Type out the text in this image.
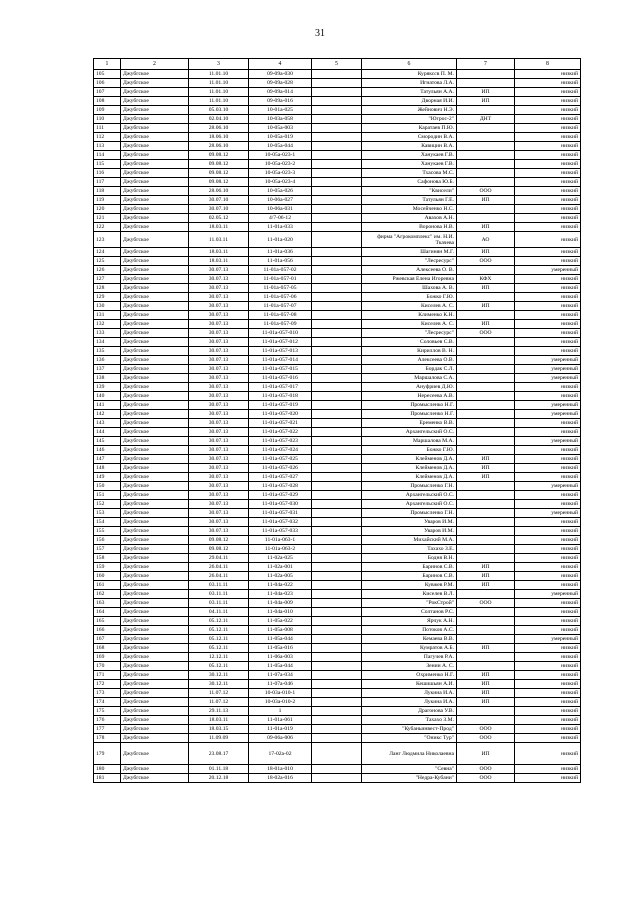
31
1	2	3	4	5	6	7	8
105	Джубгское	11.01.10	09-09а-030		Курякссв П. М.		низкий
106	Джубгское	11.01.10	09-09а-028		Игнатова Л.А.		низкий
107	Джубгское	11.01.10	09-09а-014		Татульян А.А.	ИП	низкий
108	Джубгское	11.01.10	09-09а-016		Дворная И.И.	ИП	низкий
109	Джубгское	05.03.10	10-01а-025		Жейнович Н.Э.		низкий
110	Джубгское	02.04.10	10-03а-058		"Югрос-2"	ДНТ	низкий
111	Джубгское	28.06.10	10-05а-003		Каратаев П.Ю.		низкий
112	Джубгское	18.06.10	10-05а-019		Смородин В.А.		низкий
113	Джубгское	28.06.10	10-05а-044		Кавицин В.А.		низкий
114	Джубгское	09.08.12	10-05а-023-1		Ханукаев Г.В.		низкий
115	Джубгское	09.08.12	10-05а-023-2		Ханукаев Г.В.		низкий
116	Джубгское	09.08.12	10-05а-023-3		Тхасова М.С.		низкий
117	Джубгское	09.08.12	10-05а-023-4		Сафонова Ю.Б.		низкий
118	Джубгское	28.06.10	10-05а-026		"Квисели"	ООО	низкий
119	Джубгское	30.07.10	10-06а-027		Татульян Г.Е.	ИП	низкий
120	Джубгское	30.07.10	10-06а-031		Мосейченко Н.С.		низкий
121	Джубгское	02.05.12	4/7-06-12		Авахов А.Н.		низкий
122	Джубгское	18.03.11	11-01а-033		Воронова Н.В.	ИП	низкий
123	Джубгское	11.03.11	11-01а-020		фирма "Агрокомплекс" им. Н.И. Ткачева	АО	низкий
124	Джубгское	18.03.11	11-01а-036		Шагинян М.Г.	ИП	низкий
125	Джубгское	18.03.11	11-01а-056		"Лесресурс"	ООО	низкий
126	Джубгское	30.07.13	11-01а-057-02		Алексеева О. В.		умеренный
127	Джубгское	30.07.13	11-01а-057-01		Ржевская Елена Игоревна	КФХ	низкий
128	Джубгское	30.07.13	11-01а-057-05		Шахова А. В.	ИП	низкий
129	Джубгское	30.07.13	11-01а-057-06		Божко Г.Ю.		низкий
130	Джубгское	30.07.13	11-01а-057-07		Киселев А. С.	ИП	низкий
131	Джубгское	30.07.13	11-01а-057-08		Клименко К.Н.		низкий
132	Джубгское	30.07.13	11-01а-057-09		Киселев А. С.	ИП	низкий
133	Джубгское	30.07.13	11-01а-057-010		"Лесресурс"	ООО	низкий
134	Джубгское	30.07.13	11-01а-057-012		Соловьев С.В.		низкий
135	Джубгское	30.07.13	11-01а-057-013		Кириллов В. Н.		низкий
136	Джубгское	30.07.13	11-01а-057-014		Алексеева О.В.		умеренный
137	Джубгское	30.07.13	11-01а-057-015		Бордак С.Л.		умеренный
138	Джубгское	30.07.13	11-01а-057-016		Маршалова С.А.		умеренный
139	Джубгское	30.07.13	11-01а-057-017		Ануфриев Д.Ю.		низкий
140	Джубгское	30.07.13	11-01а-057-018		Нересеева А.В.		низкий
141	Джубгское	30.07.13	11-01а-057-019		Промысленко Н.Г.		умеренный
142	Джубгское	30.07.13	11-01а-057-020		Промысленко Н.Г.		умеренный
143	Джубгское	30.07.13	11-01а-057-021		Еременко В.В.		низкий
144	Джубгское	30.07.13	11-01а-057-022		Архангельский О.С.		низкий
145	Джубгское	30.07.13	11-01а-057-023		Маршалова М.А.		умеренный
146	Джубгское	30.07.13	11-01а-057-024		Божко Г.Ю.		низкий
147	Джубгское	30.07.13	11-01а-057-025		Клейменов Д.А.	ИП	низкий
148	Джубгское	30.07.13	11-01а-057-026		Клейменов Д.А.	ИП	низкий
149	Джубгское	30.07.13	11-01а-057-027		Клейменов Д.А.	ИП	низкий
150	Джубгское	30.07.13	11-01а-057-028		Промысленко Г.Н.		умеренный
151	Джубгское	30.07.13	11-01а-057-029		Архангельский О.С.		низкий
152	Джубгское	30.07.13	11-01а-057-030		Архангельский О.С.		низкий
153	Джубгское	30.07.13	11-01а-057-031		Промысленко Г.Н.		умеренный
154	Джубгское	30.07.13	11-01а-057-032		Уваров И.М.		низкий
155	Джубгское	30.07.13	11-01а-057-033		Уваров И.М.		низкий
156	Джубгское	09.08.12	11-01а-063-1		Михайский М.А.		низкий
157	Джубгское	09.08.12	11-01а-063-2		Тахахо З.Е.		низкий
158	Джубгское	29.04.11	11-02а-025		Бодня В.Н.		низкий
159	Джубгское	26.04.11	11-02а-001		Баринов С.В.	ИП	низкий
160	Джубгское	26.04.11	11-02а-005		Баринов С.В.	ИП	низкий
161	Джубгское	03.11.11	11-04а-022		Кувжев Р.М.	ИП	низкий
162	Джубгское	03.11.11	11-04а-023		Киселев В.Л.		умеренный
163	Джубгское	03.11.11	11-04а-009		"РокСтрой"	ООО	низкий
164	Джубгское	04.11.11	11-04а-010		Солтанов Р.С.		низкий
165	Джубгское	05.12.11	11-05а-022		Ярчук А.Н.		низкий
166	Джубгское	05.12.11	11-05а-008		Потоков А.С.		низкий
167	Джубгское	05.12.11	11-05а-044		Кемаева В.В.		умеренный
168	Джубгское	05.12.11	11-05а-016		Кумратов А.Б.	ИП	низкий
169	Джубгское	12.12.11	11-06а-003		Пагучев Р.А.		низкий
170	Джубгское	05.12.11	11-05а-044		Зенин А. С.		низкий
171	Джубгское	30.12.11	11-07а-034		Охрименко Н.Г.	ИП	низкий
172	Джубгское	30.12.11	11-07а-046		Кешишьян А.И.	ИП	низкий
173	Джубгское	11.07.12	10-03а-010-1		Лукина И.А.	ИП	низкий
174	Джубгское	11.07.12	10-03а-010-2		Лукина И.А.	ИП	низкий
175	Джубгское	29.11.13	1		Драгонова У.В.		низкий
176	Джубгское	18.03.11	11-01а-061		Тахахо З.М.		низкий
177	Джубгское	18.03.15	11-01а-019		"Кубаньинвест-Прод"	ООО	низкий
178	Джубгское	11.09.09	09-06а-006		"Оникс Тур"	ООО	низкий
179	Джубгское	23.08.17	17-02а-02		Ланг Людмила Николаевна	ИП	низкий
180	Джубгское	01.11.18	18-01а-010		"Севна"	ООО	низкий
181	Джубгское	20.12.18	18-02а-016		"Недра-Кубани"	ООО	низкий
